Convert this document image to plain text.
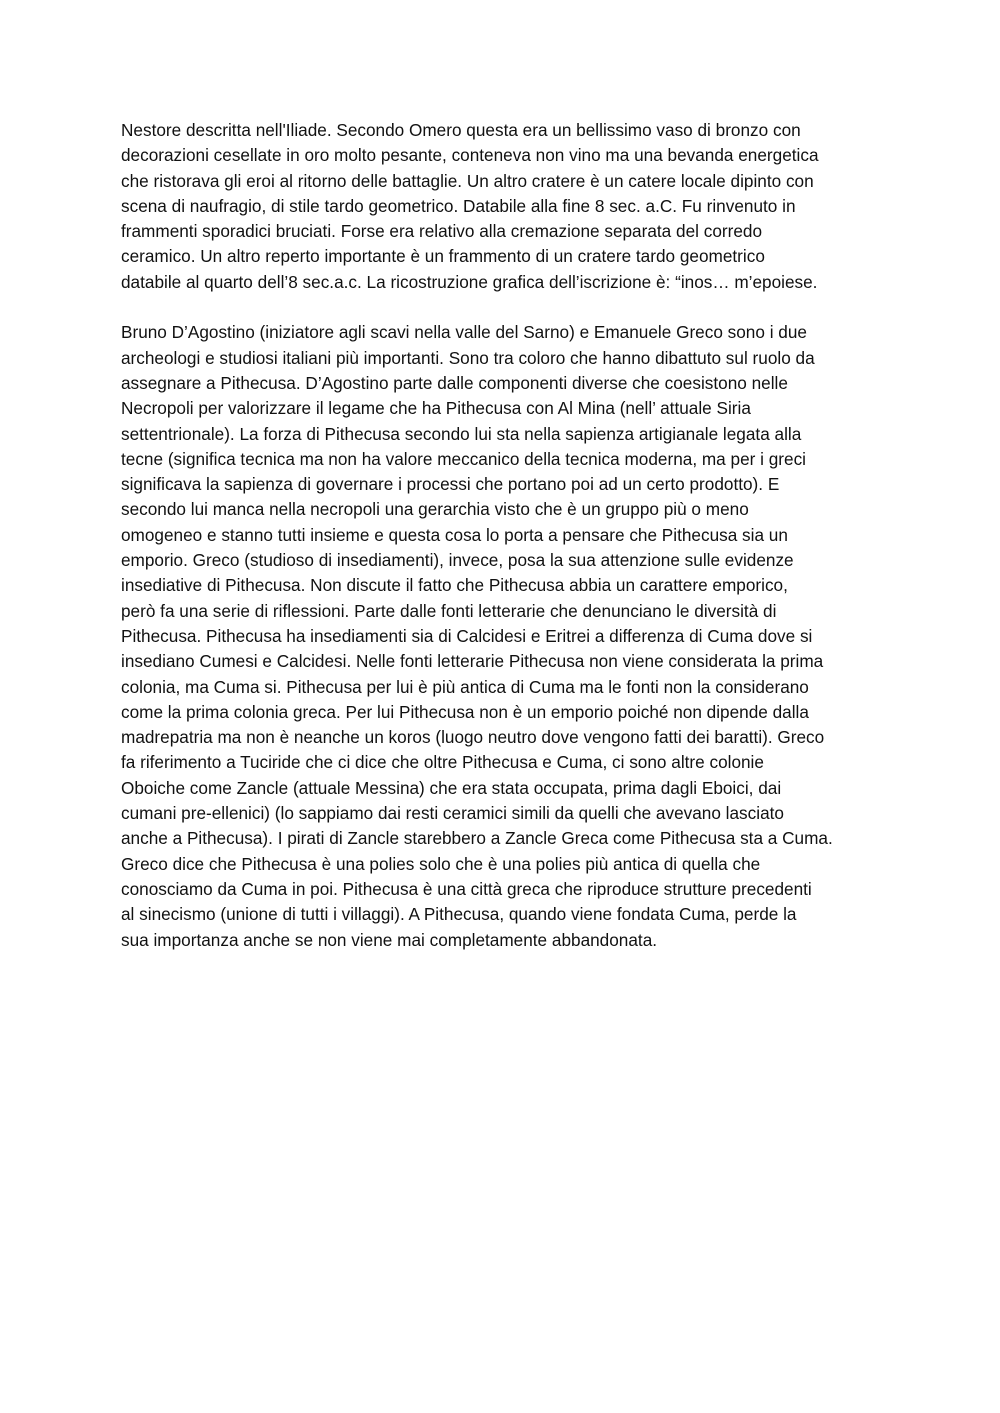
Nestore descritta nell'Iliade. Secondo Omero questa era un bellissimo vaso di bronzo con
decorazioni cesellate in oro molto pesante, conteneva non vino ma una bevanda energetica
che ristorava gli eroi al ritorno delle battaglie. Un altro cratere è un catere locale dipinto con
scena di naufragio, di stile tardo geometrico. Databile alla fine 8 sec. a.C. Fu rinvenuto in
frammenti sporadici bruciati. Forse era relativo alla cremazione separata del corredo
ceramico. Un altro reperto importante è un frammento di un cratere tardo geometrico
databile al quarto dell’8 sec.a.c. La ricostruzione grafica dell’iscrizione è: “inos… m’epoiese.

Bruno D’Agostino (iniziatore agli scavi nella valle del Sarno) e Emanuele Greco sono i due
archeologi e studiosi italiani più importanti. Sono tra coloro che hanno dibattuto sul ruolo da
assegnare a Pithecusa. D’Agostino parte dalle componenti diverse che coesistono nelle
Necropoli per valorizzare il legame che ha Pithecusa con Al Mina (nell’ attuale Siria
settentrionale). La forza di Pithecusa secondo lui sta nella sapienza artigianale legata alla
tecne (significa tecnica ma non ha valore meccanico della tecnica moderna, ma per i greci
significava la sapienza di governare i processi che portano poi ad un certo prodotto). E
secondo lui manca nella necropoli una gerarchia visto che è un gruppo più o meno
omogeneo e stanno tutti insieme e questa cosa lo porta a pensare che Pithecusa sia un
emporio. Greco (studioso di insediamenti), invece, posa la sua attenzione sulle evidenze
insediative di Pithecusa. Non discute il fatto che Pithecusa abbia un carattere emporico,
però fa una serie di riflessioni. Parte dalle fonti letterarie che denunciano le diversità di
Pithecusa. Pithecusa ha insediamenti sia di Calcidesi e Eritrei a differenza di Cuma dove si
insediano Cumesi e Calcidesi. Nelle fonti letterarie Pithecusa non viene considerata la prima
colonia, ma Cuma si. Pithecusa per lui è più antica di Cuma ma le fonti non la considerano
come la prima colonia greca. Per lui Pithecusa non è un emporio poiché non dipende dalla
madrepatria ma non è neanche un koros (luogo neutro dove vengono fatti dei baratti). Greco
fa riferimento a Tuciride che ci dice che oltre Pithecusa e Cuma, ci sono altre colonie
Oboiche come Zancle (attuale Messina) che era stata occupata, prima dagli Eboici, dai
cumani pre-ellenici) (lo sappiamo dai resti ceramici simili da quelli che avevano lasciato
anche a Pithecusa). I pirati di Zancle starebbero a Zancle Greca come Pithecusa sta a Cuma.
Greco dice che Pithecusa è una polies solo che è una polies più antica di quella che
conosciamo da Cuma in poi. Pithecusa è una città greca che riproduce strutture precedenti
al sinecismo (unione di tutti i villaggi). A Pithecusa, quando viene fondata Cuma, perde la
sua importanza anche se non viene mai completamente abbandonata.
